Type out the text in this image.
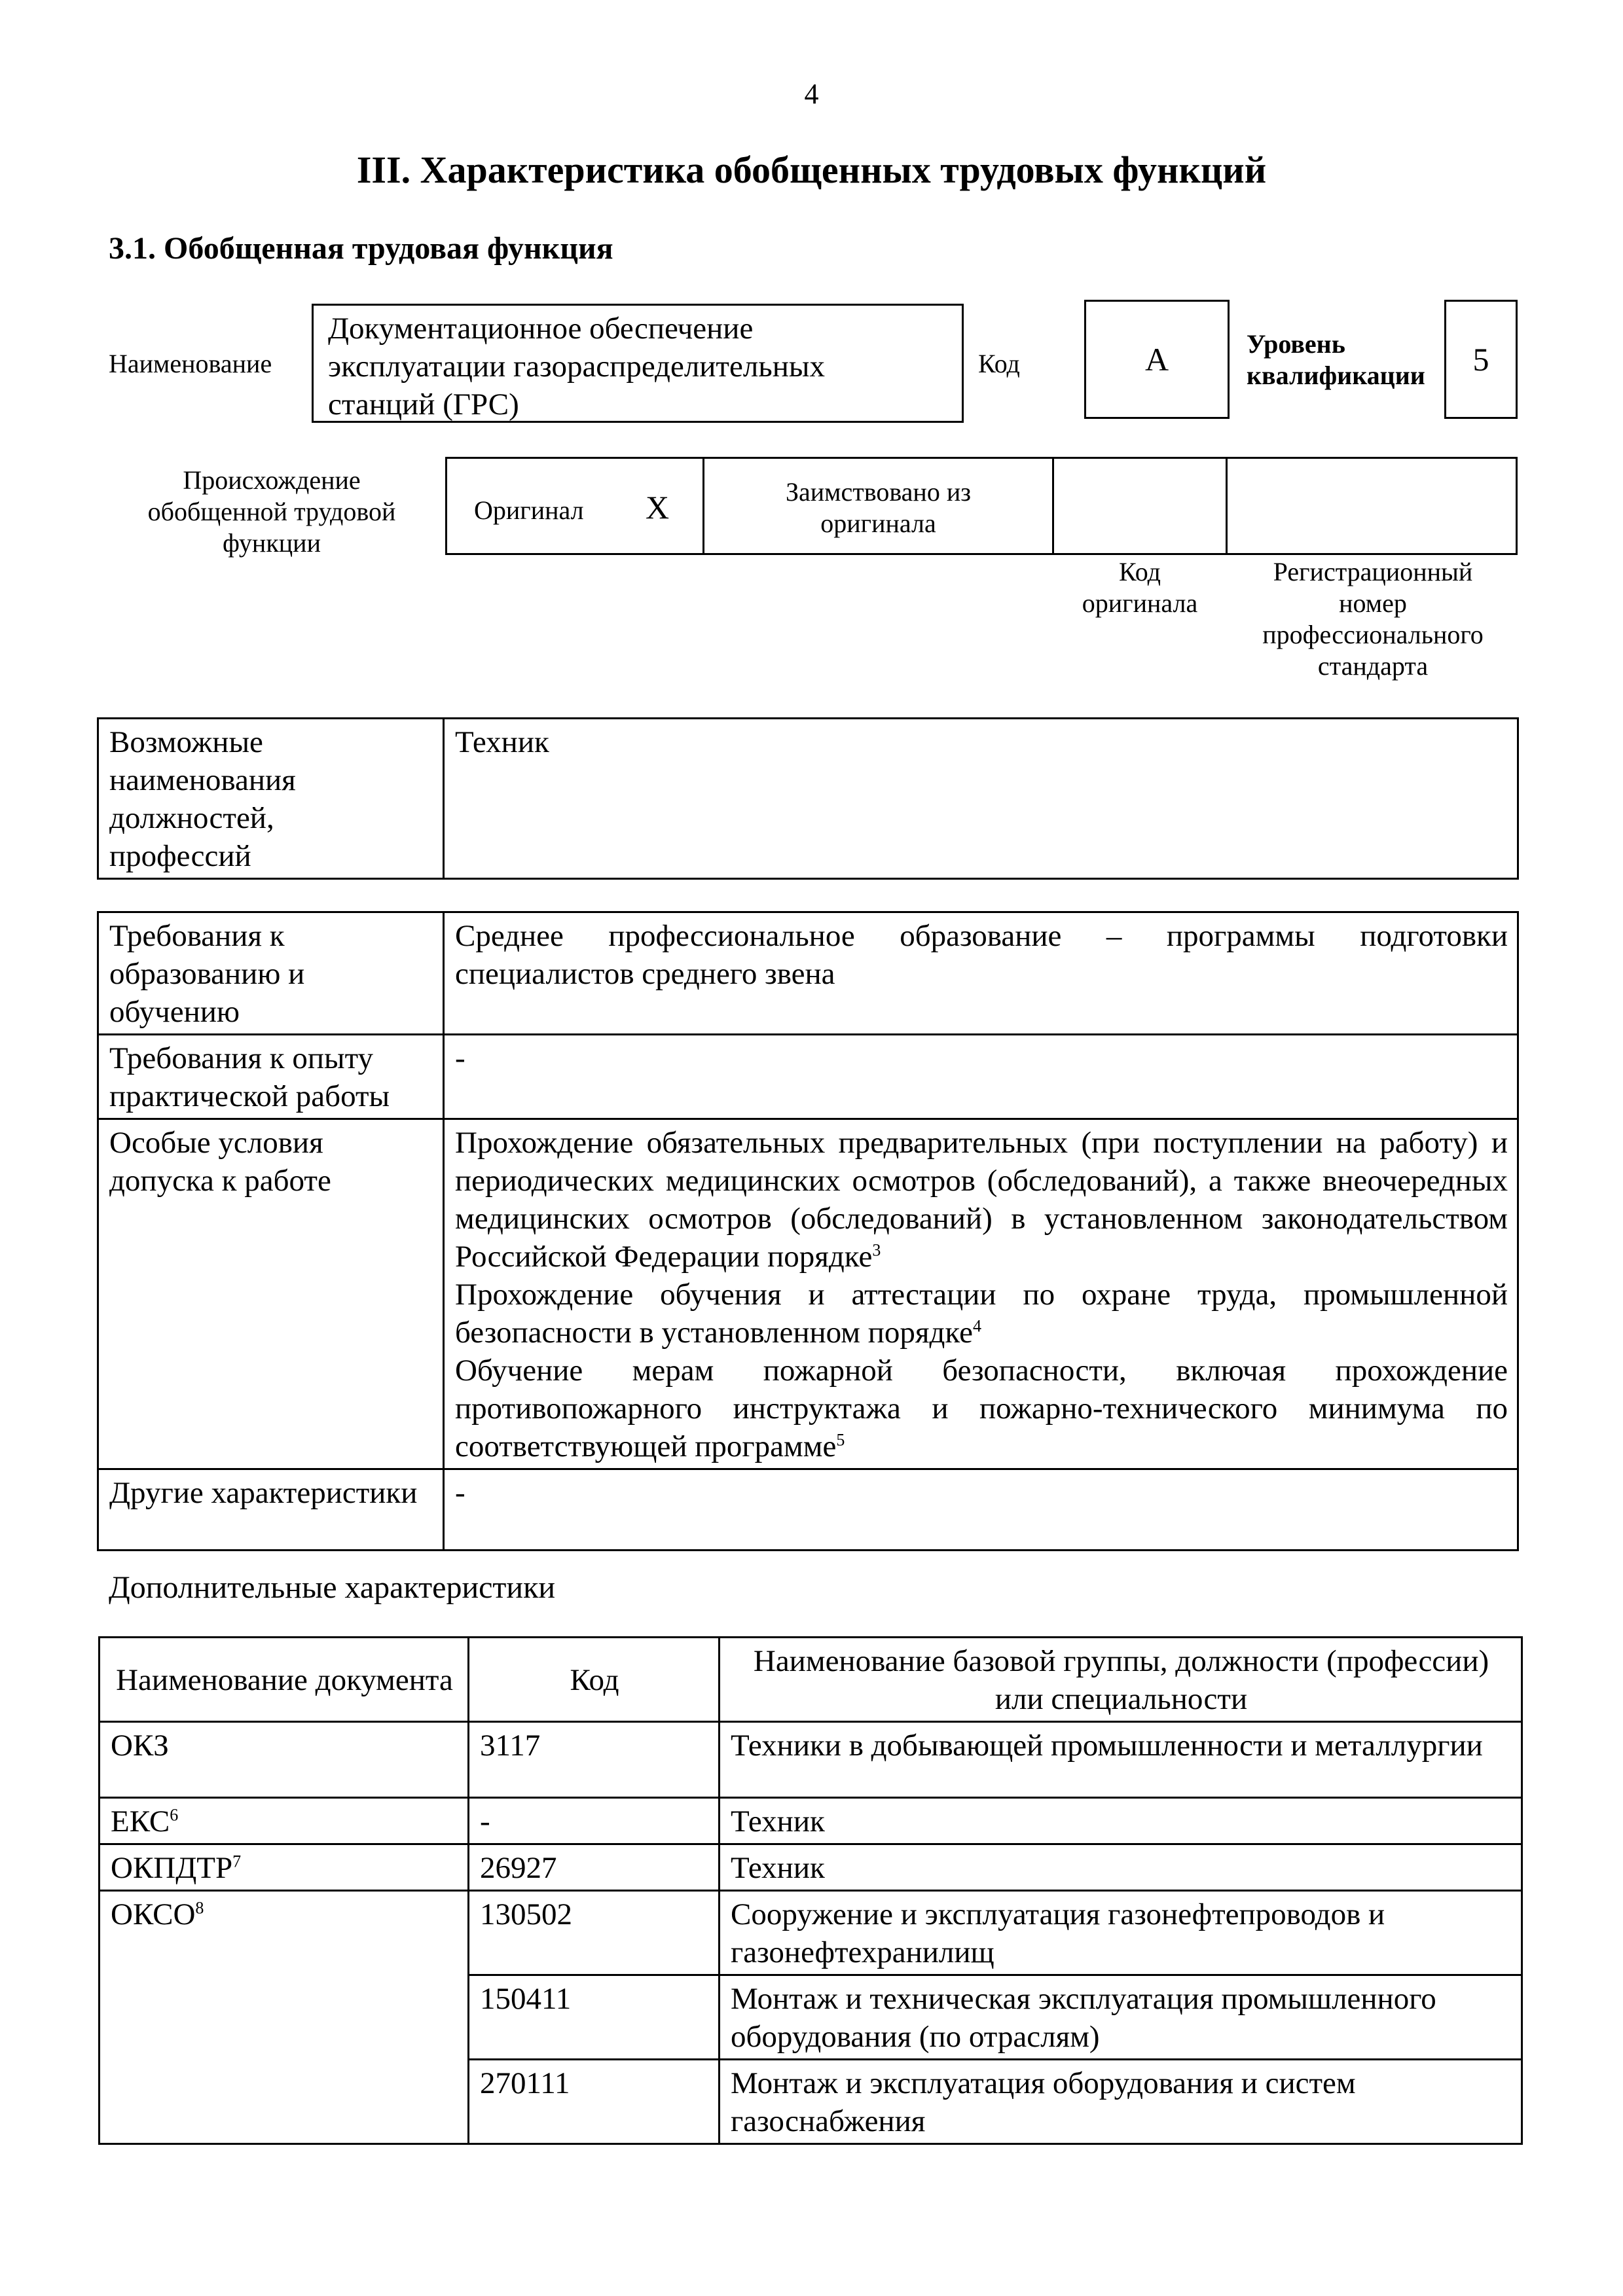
4
III. Характеристика обобщенных трудовых функций
3.1. Обобщенная трудовая функция
Наименование
Документационное обеспечение
эксплуатации газораспределительных
станций (ГРС)
Код	А	Уровень
квалификации	5
Происхождение
обобщенной трудовой
функции
Оригинал X	Заимствовано из
оригинала
Код
оригинала
Регистрационный
номер
профессионального
стандарта
Возможные
наименования
должностей,
профессий
	Техник
Требования к образованию и обучению	Среднее профессиональное образование – программы подготовки специалистов среднего звена
Требования к опыту практической работы	-
Особые условия допуска к работе	Прохождение обязательных предварительных (при поступлении на работу) и периодических медицинских осмотров (обследований), а также внеочередных медицинских осмотров (обследований) в установленном законодательством Российской Федерации порядке$^3$
Прохождение обучения и аттестации по охране труда, промышленной безопасности в установленном порядке$^4$
Обучение мерам пожарной безопасности, включая прохождение противопожарного инструктажа и пожарно-технического минимума по соответствующей программе$^5$

Другие характеристики	-
Дополнительные характеристики
Наименование документа	Код	Наименование базовой группы, должности (профессии) или специальности
ОКЗ	3117	Техники в добывающей промышленности и металлургии
ЕКС$^6$	-	Техник
ОКПДТР$^7$	26927	Техник
ОКСО$^8$	130502	Сооружение и эксплуатация газонефтепроводов и газонефтехранилищ
	150411	Монтаж и техническая эксплуатация промышленного оборудования (по отраслям)
	270111	Монтаж и эксплуатация оборудования и систем газоснабжения
